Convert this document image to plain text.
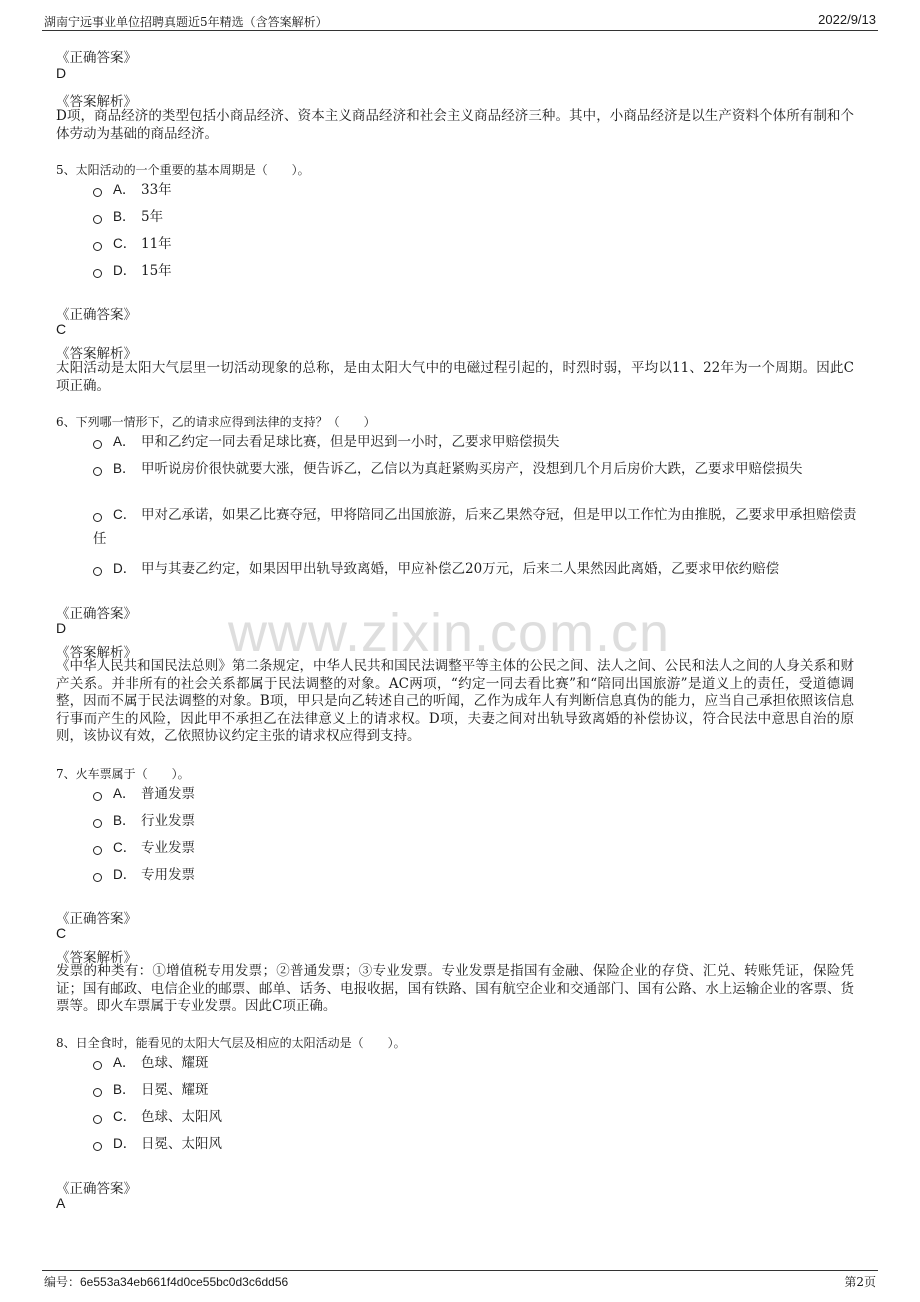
湖南宁远事业单位招聘真题近5年精选（含答案解析）	2022/9/13
www.zixin.com.cn
《正确答案》
D
《答案解析》
D项，商品经济的类型包括小商品经济、资本主义商品经济和社会主义商品经济三种。其中，小商品经济是以生产资料个体所有制和个体劳动为基础的商品经济。
5、太阳活动的一个重要的基本周期是（　　）。
A． 33年
B． 5年
C． 11年
D． 15年
《正确答案》
C
《答案解析》
太阳活动是太阳大气层里一切活动现象的总称，是由太阳大气中的电磁过程引起的，时烈时弱，平均以11、22年为一个周期。因此C项正确。
6、下列哪一情形下，乙的请求应得到法律的支持？（　　）
A． 甲和乙约定一同去看足球比赛，但是甲迟到一小时，乙要求甲赔偿损失
B． 甲听说房价很快就要大涨，便告诉乙，乙信以为真赶紧购买房产，没想到几个月后房价大跌，乙要求甲赔偿损失
C． 甲对乙承诺，如果乙比赛夺冠，甲将陪同乙出国旅游，后来乙果然夺冠，但是甲以工作忙为由推脱，乙要求甲承担赔偿责任
D． 甲与其妻乙约定，如果因甲出轨导致离婚，甲应补偿乙20万元，后来二人果然因此离婚，乙要求甲依约赔偿
《正确答案》
D
《答案解析》
《中华人民共和国民法总则》第二条规定，中华人民共和国民法调整平等主体的公民之间、法人之间、公民和法人之间的人身关系和财产关系。并非所有的社会关系都属于民法调整的对象。AC两项，“约定一同去看比赛”和“陪同出国旅游”是道义上的责任，受道德调整，因而不属于民法调整的对象。B项，甲只是向乙转述自己的听闻，乙作为成年人有判断信息真伪的能力，应当自己承担依照该信息行事而产生的风险，因此甲不承担乙在法律意义上的请求权。D项，夫妻之间对出轨导致离婚的补偿协议，符合民法中意思自治的原则，该协议有效，乙依照协议约定主张的请求权应得到支持。
7、火车票属于（　　）。
A． 普通发票
B． 行业发票
C． 专业发票
D． 专用发票
《正确答案》
C
《答案解析》
发票的种类有：①增值税专用发票；②普通发票；③专业发票。专业发票是指国有金融、保险企业的存贷、汇兑、转账凭证，保险凭证；国有邮政、电信企业的邮票、邮单、话务、电报收据，国有铁路、国有航空企业和交通部门、国有公路、水上运输企业的客票、货票等。即火车票属于专业发票。因此C项正确。
8、日全食时，能看见的太阳大气层及相应的太阳活动是（　　）。
A． 色球、耀斑
B． 日冕、耀斑
C． 色球、太阳风
D． 日冕、太阳风
《正确答案》
A
编号：6e553a34eb661f4d0ce55bc0d3c6dd56	第2页
